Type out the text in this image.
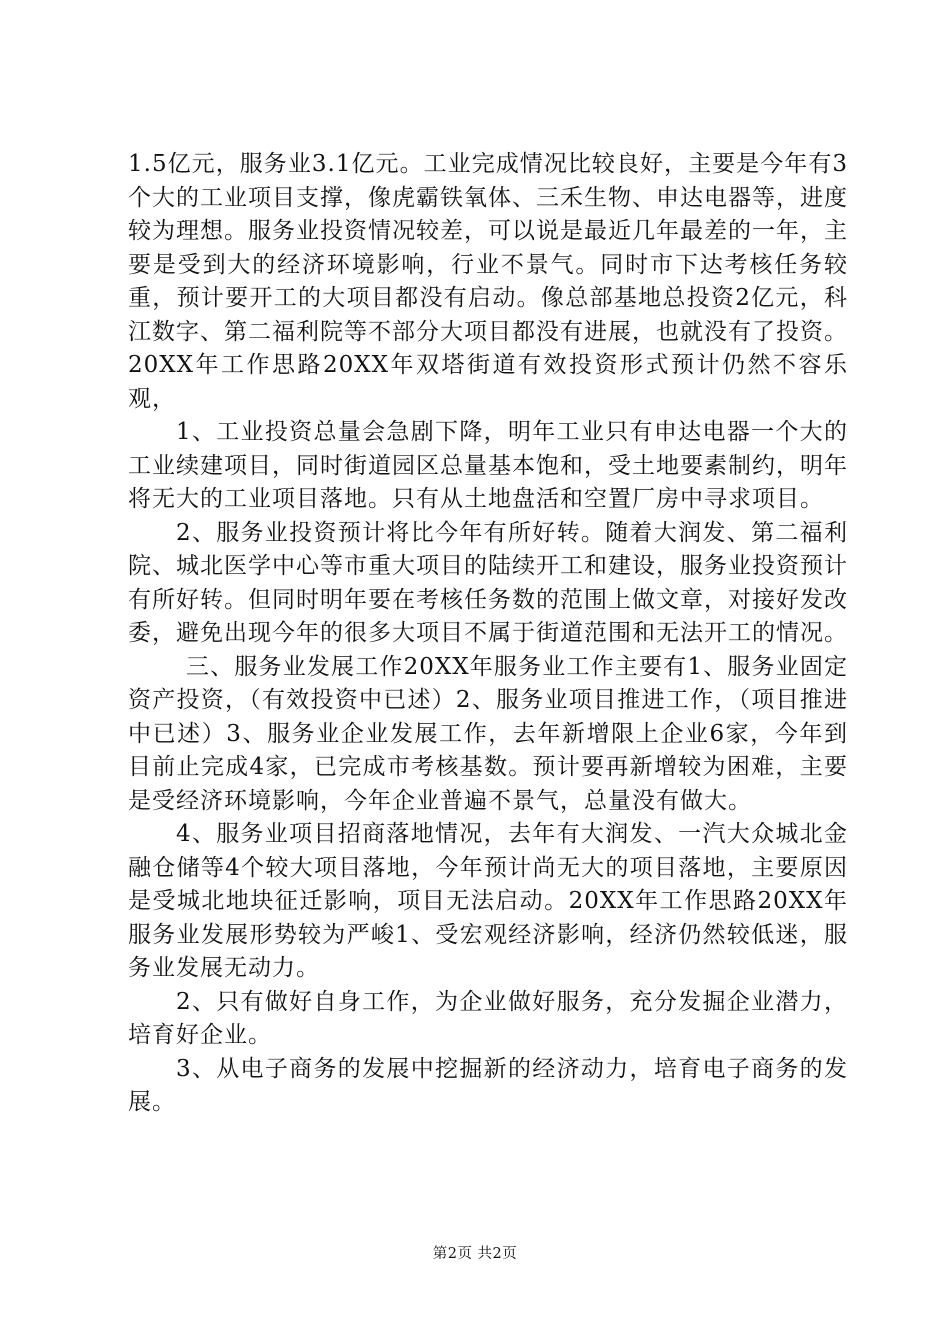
1.5亿元，服务业3.1亿元。工业完成情况比较良好，主要是今年有3个大的工业项目支撑，像虎霸铁氧体、三禾生物、申达电器等，进度较为理想。服务业投资情况较差，可以说是最近几年最差的一年，主要是受到大的经济环境影响，行业不景气。同时市下达考核任务较重，预计要开工的大项目都没有启动。像总部基地总投资2亿元，科江数字、第二福利院等不部分大项目都没有进展，也就没有了投资。20XX年工作思路20XX年双塔街道有效投资形式预计仍然不容乐观，

1、工业投资总量会急剧下降，明年工业只有申达电器一个大的工业续建项目，同时街道园区总量基本饱和，受土地要素制约，明年将无大的工业项目落地。只有从土地盘活和空置厂房中寻求项目。

2、服务业投资预计将比今年有所好转。随着大润发、第二福利院、城北医学中心等市重大项目的陆续开工和建设，服务业投资预计有所好转。但同时明年要在考核任务数的范围上做文章，对接好发改委，避免出现今年的很多大项目不属于街道范围和无法开工的情况。

三、服务业发展工作20XX年服务业工作主要有1、服务业固定资产投资，（有效投资中已述）2、服务业项目推进工作，（项目推进中已述）3、服务业企业发展工作，去年新增限上企业6家，今年到目前止完成4家，已完成市考核基数。预计要再新增较为困难，主要是受经济环境影响，今年企业普遍不景气，总量没有做大。

4、服务业项目招商落地情况，去年有大润发、一汽大众城北金融仓储等4个较大项目落地，今年预计尚无大的项目落地，主要原因是受城北地块征迁影响，项目无法启动。20XX年工作思路20XX年服务业发展形势较为严峻1、受宏观经济影响，经济仍然较低迷，服务业发展无动力。

2、只有做好自身工作，为企业做好服务，充分发掘企业潜力，培育好企业。

3、从电子商务的发展中挖掘新的经济动力，培育电子商务的发展。

第2页 共2页
